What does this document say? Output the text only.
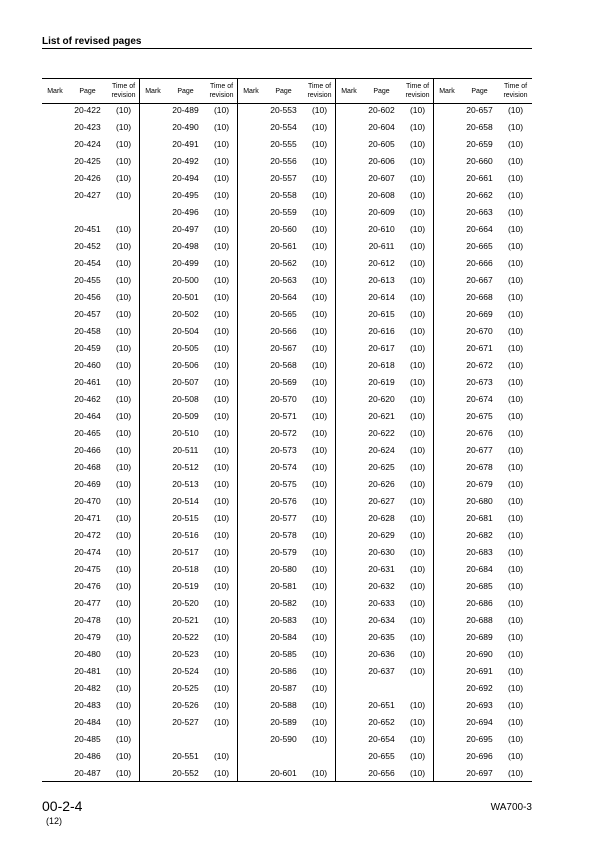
List of revised pages
Mark	Page
Time of
revision
20-422	(10)
20-423	(10)
20-424	(10)
20-425	(10)
20-426	(10)
20-427	(10)
20-451	(10)
20-452	(10)
20-454	(10)
20-455	(10)
20-456	(10)
20-457	(10)
20-458	(10)
20-459	(10)
20-460	(10)
20-461	(10)
20-462	(10)
20-464	(10)
20-465	(10)
20-466	(10)
20-468	(10)
20-469	(10)
20-470	(10)
20-471	(10)
20-472	(10)
20-474	(10)
20-475	(10)
20-476	(10)
20-477	(10)
20-478	(10)
20-479	(10)
20-480	(10)
20-481	(10)
20-482	(10)
20-483	(10)
20-484	(10)
20-485	(10)
20-486	(10)
20-487	(10)
Mark	Page
Time of
revision
20-489	(10)
20-490	(10)
20-491	(10)
20-492	(10)
20-494	(10)
20-495	(10)
20-496	(10)
20-497	(10)
20-498	(10)
20-499	(10)
20-500	(10)
20-501	(10)
20-502	(10)
20-504	(10)
20-505	(10)
20-506	(10)
20-507	(10)
20-508	(10)
20-509	(10)
20-510	(10)
20-511	(10)
20-512	(10)
20-513	(10)
20-514	(10)
20-515	(10)
20-516	(10)
20-517	(10)
20-518	(10)
20-519	(10)
20-520	(10)
20-521	(10)
20-522	(10)
20-523	(10)
20-524	(10)
20-525	(10)
20-526	(10)
20-527	(10)
20-551	(10)
20-552	(10)
Mark	Page
Time of
revision
20-553	(10)
20-554	(10)
20-555	(10)
20-556	(10)
20-557	(10)
20-558	(10)
20-559	(10)
20-560	(10)
20-561	(10)
20-562	(10)
20-563	(10)
20-564	(10)
20-565	(10)
20-566	(10)
20-567	(10)
20-568	(10)
20-569	(10)
20-570	(10)
20-571	(10)
20-572	(10)
20-573	(10)
20-574	(10)
20-575	(10)
20-576	(10)
20-577	(10)
20-578	(10)
20-579	(10)
20-580	(10)
20-581	(10)
20-582	(10)
20-583	(10)
20-584	(10)
20-585	(10)
20-586	(10)
20-587	(10)
20-588	(10)
20-589	(10)
20-590	(10)
20-601	(10)
Mark	Page
Time of
revision
20-602	(10)
20-604	(10)
20-605	(10)
20-606	(10)
20-607	(10)
20-608	(10)
20-609	(10)
20-610	(10)
20-611	(10)
20-612	(10)
20-613	(10)
20-614	(10)
20-615	(10)
20-616	(10)
20-617	(10)
20-618	(10)
20-619	(10)
20-620	(10)
20-621	(10)
20-622	(10)
20-624	(10)
20-625	(10)
20-626	(10)
20-627	(10)
20-628	(10)
20-629	(10)
20-630	(10)
20-631	(10)
20-632	(10)
20-633	(10)
20-634	(10)
20-635	(10)
20-636	(10)
20-637	(10)
20-651	(10)
20-652	(10)
20-654	(10)
20-655	(10)
20-656	(10)
Mark	Page
Time of
revision
20-657	(10)
20-658	(10)
20-659	(10)
20-660	(10)
20-661	(10)
20-662	(10)
20-663	(10)
20-664	(10)
20-665	(10)
20-666	(10)
20-667	(10)
20-668	(10)
20-669	(10)
20-670	(10)
20-671	(10)
20-672	(10)
20-673	(10)
20-674	(10)
20-675	(10)
20-676	(10)
20-677	(10)
20-678	(10)
20-679	(10)
20-680	(10)
20-681	(10)
20-682	(10)
20-683	(10)
20-684	(10)
20-685	(10)
20-686	(10)
20-688	(10)
20-689	(10)
20-690	(10)
20-691	(10)
20-692	(10)
20-693	(10)
20-694	(10)
20-695	(10)
20-696	(10)
20-697	(10)
00-2-4
(12)
WA700-3
